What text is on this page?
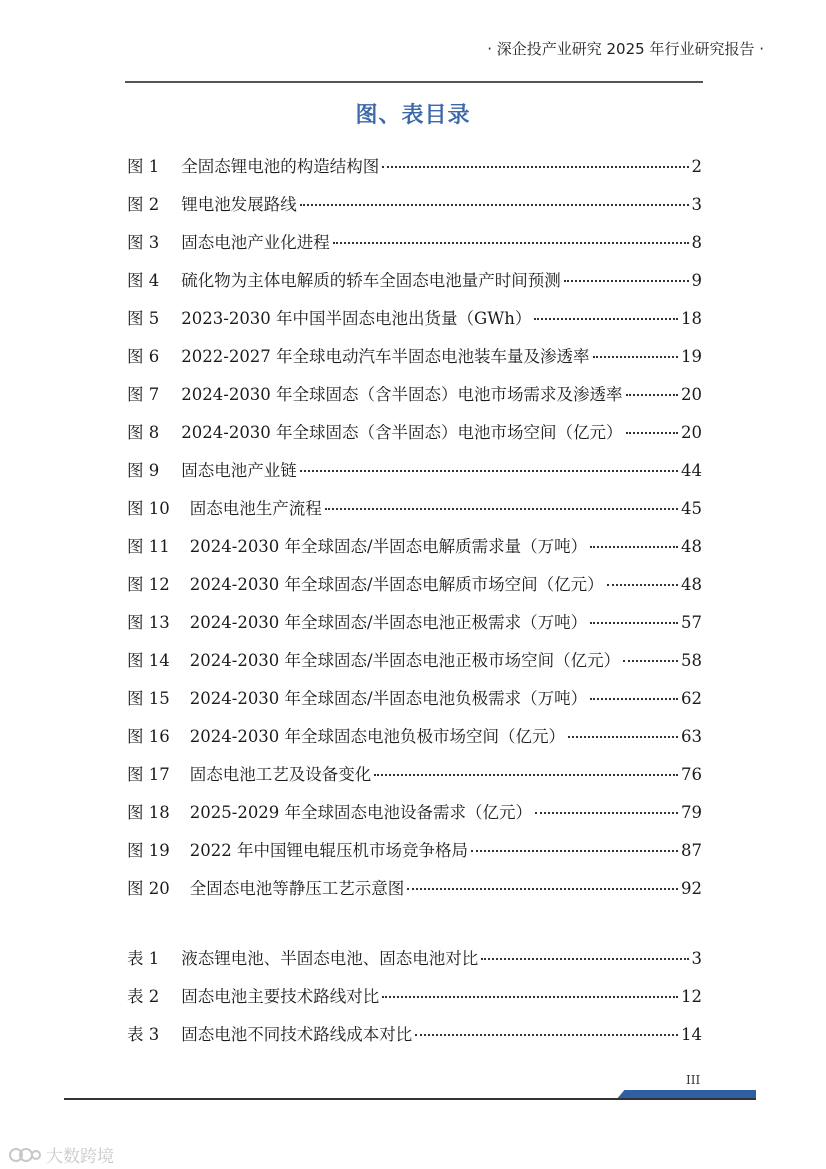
· 深企投产业研究 2025 年行业研究报告 ·
图、表目录
图 1 全固态锂电池的构造结构图	2
图 2 锂电池发展路线	3
图 3 固态电池产业化进程	8
图 4 硫化物为主体电解质的轿车全固态电池量产时间预测	9
图 5 2023-2030 年中国半固态电池出货量（GWh）	18
图 6 2022-2027 年全球电动汽车半固态电池装车量及渗透率	19
图 7 2024-2030 年全球固态（含半固态）电池市场需求及渗透率	20
图 8 2024-2030 年全球固态（含半固态）电池市场空间（亿元）	20
图 9 固态电池产业链	44
图 10 固态电池生产流程	45
图 11 2024-2030 年全球固态/半固态电解质需求量（万吨）	48
图 12 2024-2030 年全球固态/半固态电解质市场空间（亿元）	48
图 13 2024-2030 年全球固态/半固态电池正极需求（万吨）	57
图 14 2024-2030 年全球固态/半固态电池正极市场空间（亿元）	58
图 15 2024-2030 年全球固态/半固态电池负极需求（万吨）	62
图 16 2024-2030 年全球固态电池负极市场空间（亿元）	63
图 17 固态电池工艺及设备变化	76
图 18 2025-2029 年全球固态电池设备需求（亿元）	79
图 19 2022 年中国锂电辊压机市场竞争格局	87
图 20 全固态电池等静压工艺示意图	92
表 1 液态锂电池、半固态电池、固态电池对比	3
表 2 固态电池主要技术路线对比	12
表 3 固态电池不同技术路线成本对比	14
III
大数跨境
